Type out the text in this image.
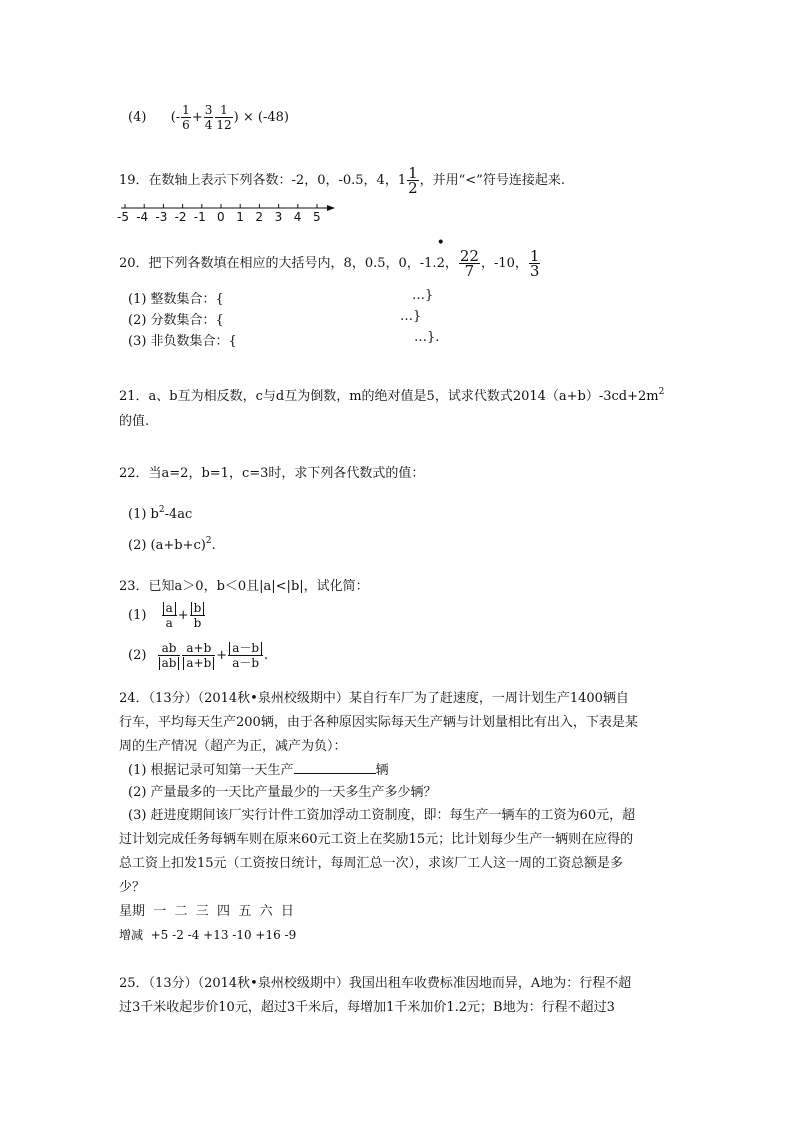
(4) (- $\frac{1}{6} + \frac{3}{4} \frac{1}{12}$ ) × (-48)
19．在数轴上表示下列各数：-2，0，-0.5，4，$1 \frac{1}{2}$ ，并用“<”符号连接起来.
-5 -4 -3 -2 -1 0 1 2 3 4 5
20．把下列各数填在相应的大括号内，8，0.5，0，-1.
•
2， $\frac{22}{7}$ ，-10， $\frac{1}{3}$
(1) 整数集合：{	…}
(2) 分数集合：{	…}
(3) 非负数集合：{	…}.
21．a、b互为相反数，c与d互为倒数，m的绝对值是5，试求代数式$2014(a+b)-3cd+2m^2$
的值.
22．当a=2，b=1，c=3时，求下列各代数式的值：
(1) $b^2-4ac$
(2) $(a+b+c)^2$.
23．已知a＞0，b＜0且|a|<|b|，试化简：
$(1) \frac{a}{a} + \frac{b}{b}$
$(2) \frac{ab}{ab} \frac{a+b}{a+b} + \frac{a-b}{a-b}$ .
24．（13分）（2014秋•泉州校级期中）某自行车厂为了赶速度，一周计划生产1400辆自
行车，平均每天生产200辆，由于各种原因实际每天生产辆与计划量相比有出入，下表是某
周的生产情况（超产为正，减产为负）：
(1) 根据记录可知第一天生产	辆
(2) 产量最多的一天比产量最少的一天多生产多少辆？
(3) 赶进度期间该厂实行计件工资加浮动工资制度，即：每生产一辆车的工资为60元，超
过计划完成任务每辆车则在原来60元工资上在奖励15元；比计划每少生产一辆则在应得的
总工资上扣发15元（工资按日统计，每周汇总一次），求该厂工人这一周的工资总额是多
少？
星期  一  二  三  四  五  六  日
增减  +5 -2 -4 +13 -10 +16 -9
25．（13分）（2014秋•泉州校级期中）我国出租车收费标准因地而异，A地为：行程不超
过3千米收起步价10元，超过3千米后，每增加1千米加价1.2元；B地为：行程不超过3
